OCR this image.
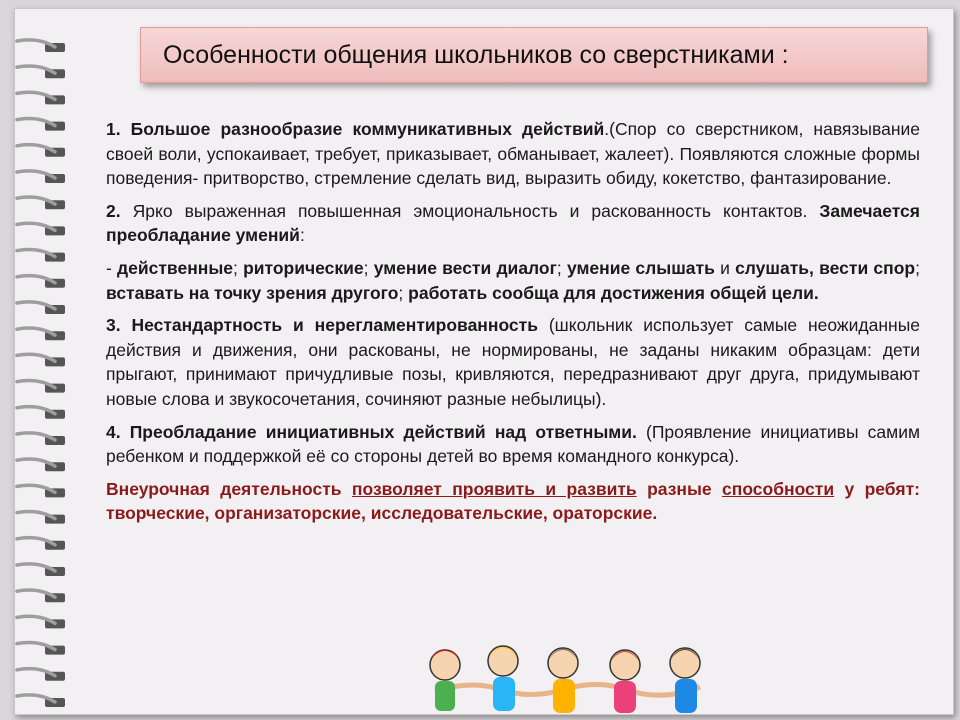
Особенности общения школьников со сверстниками :

1. Большое разнообразие коммуникативных действий.(Спор со сверстником, навязывание своей воли, успокаивает, требует, приказывает, обманывает, жалеет). Появляются сложные формы поведения- притворство, стремление сделать вид, выразить обиду, кокетство, фантазирование.

2. Ярко выраженная повышенная эмоциональность и раскованность контактов. Замечается преобладание умений:

- действенные; риторические; умение вести диалог; умение слышать и слушать, вести спор; вставать на точку зрения другого; работать сообща для достижения общей цели.

3. Нестандартность и нерегламентированность (школьник использует самые неожиданные действия и движения, они раскованы, не нормированы, не заданы никаким образцам: дети прыгают, принимают причудливые позы, кривляются, передразнивают друг друга, придумывают новые слова и звукосочетания, сочиняют разные небылицы).

4. Преобладание инициативных действий над ответными. (Проявление инициативы самим ребенком и поддержкой её со стороны детей во время командного конкурса).

Внеурочная деятельность позволяет проявить и развить разные способности у ребят: творческие, организаторские, исследовательские, ораторские.
